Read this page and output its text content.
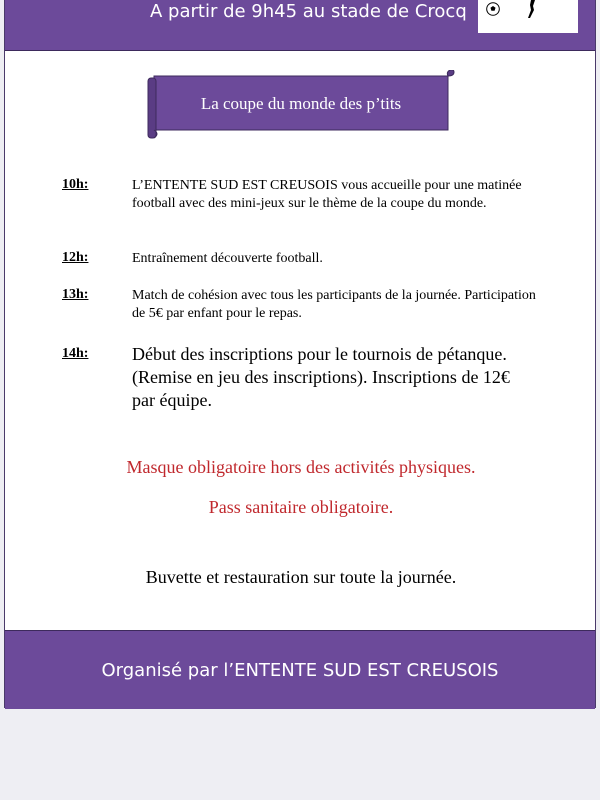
A partir de 9h45 au stade de Crocq
La coupe du monde des p’tits
10h:	L’ENTENTE SUD EST CREUSOIS vous accueille pour une matinée football avec des mini-jeux sur le thème de la coupe du monde.
12h:	Entraînement découverte football.
13h:	Match de cohésion avec tous les participants de la journée. Participation de 5€ par enfant pour le repas.
14h: Début des inscriptions pour le tournois de pétanque. (Remise en jeu des inscriptions). Inscriptions de 12€ par équipe.
Masque obligatoire hors des activités physiques.
Pass sanitaire obligatoire.
Buvette et restauration sur toute la journée.
Organisé par l’ENTENTE SUD EST CREUSOIS
